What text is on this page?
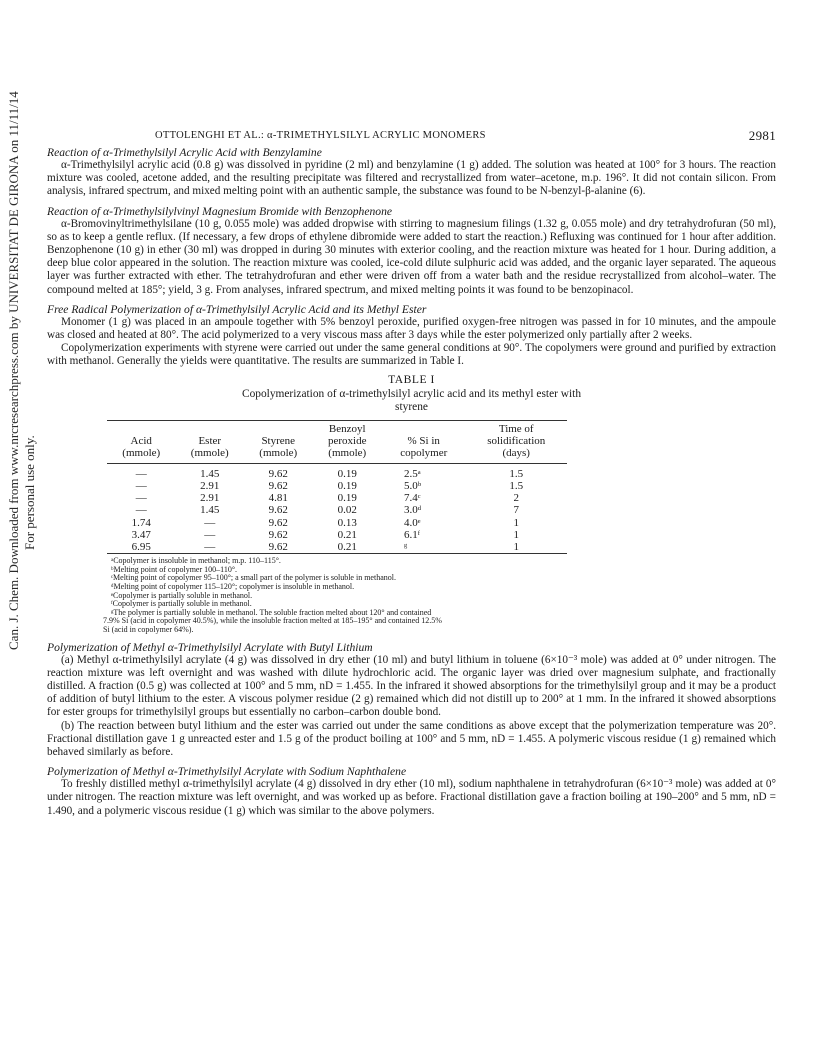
Can. J. Chem. Downloaded from www.nrcresearchpress.com by UNIVERSITAT DE GIRONA on 11/11/14 For personal use only.
OTTOLENGHI ET AL.: α-TRIMETHYLSILYL ACRYLIC MONOMERS	2981
Reaction of α-Trimethylsilyl Acrylic Acid with Benzylamine

α-Trimethylsilyl acrylic acid (0.8 g) was dissolved in pyridine (2 ml) and benzylamine (1 g) added. The solution was heated at 100° for 3 hours. The reaction mixture was cooled, acetone added, and the resulting precipitate was filtered and recrystallized from water–acetone, m.p. 196°. It did not contain silicon. From analysis, infrared spectrum, and mixed melting point with an authentic sample, the substance was found to be N-benzyl-β-alanine (6).

Reaction of α-Trimethylsilylvinyl Magnesium Bromide with Benzophenone

α-Bromovinyltrimethylsilane (10 g, 0.055 mole) was added dropwise with stirring to magnesium filings (1.32 g, 0.055 mole) and dry tetrahydrofuran (50 ml), so as to keep a gentle reflux. (If necessary, a few drops of ethylene dibromide were added to start the reaction.) Refluxing was continued for 1 hour after addition. Benzophenone (10 g) in ether (30 ml) was dropped in during 30 minutes with exterior cooling, and the reaction mixture was heated for 1 hour. During addition, a deep blue color appeared in the solution. The reaction mixture was cooled, ice-cold dilute sulphuric acid was added, and the organic layer separated. The aqueous layer was further extracted with ether. The tetrahydrofuran and ether were driven off from a water bath and the residue recrystallized from alcohol–water. The compound melted at 185°; yield, 3 g. From analyses, infrared spectrum, and mixed melting points it was found to be benzopinacol.

Free Radical Polymerization of α-Trimethylsilyl Acrylic Acid and its Methyl Ester

Monomer (1 g) was placed in an ampoule together with 5% benzoyl peroxide, purified oxygen-free nitrogen was passed in for 10 minutes, and the ampoule was closed and heated at 80°. The acid polymerized to a very viscous mass after 3 days while the ester polymerized only partially after 2 weeks.

Copolymerization experiments with styrene were carried out under the same general conditions at 90°. The copolymers were ground and purified by extraction with methanol. Generally the yields were quantitative. The results are summarized in Table I.

TABLE I
Copolymerization of α-trimethylsilyl acrylic acid and its methyl ester with styrene
Acid
(mmole)	Ester
(mmole)	Styrene
(mmole)	Benzoyl
peroxide
(mmole)	% Si in
copolymer	Time of
solidification
(days)
—	1.45	9.62	0.19	2.5ᵃ	1.5
—	2.91	9.62	0.19	5.0ᵇ	1.5
—	2.91	4.81	0.19	7.4ᶜ	2
—	1.45	9.62	0.02	3.0ᵈ	7
1.74	—	9.62	0.13	4.0ᵉ	1
3.47	—	9.62	0.21	6.1ᶠ	1
6.95	—	9.62	0.21	ᵍ	1
ᵃCopolymer is insoluble in methanol; m.p. 110–115°.
ᵇMelting point of copolymer 100–110°.
ᶜMelting point of copolymer 95–100°; a small part of the polymer is soluble in methanol.
ᵈMelting point of copolymer 115–120°; copolymer is insoluble in methanol.
ᵉCopolymer is partially soluble in methanol.
ᶠCopolymer is partially soluble in methanol.
ᵍThe polymer is partially soluble in methanol. The soluble fraction melted about 120° and contained
7.9% Si (acid in copolymer 40.5%), while the insoluble fraction melted at 185–195° and contained 12.5%
Si (acid in copolymer 64%).
Polymerization of Methyl α-Trimethylsilyl Acrylate with Butyl Lithium

(a) Methyl α-trimethylsilyl acrylate (4 g) was dissolved in dry ether (10 ml) and butyl lithium in toluene (6×10⁻³ mole) was added at 0° under nitrogen. The reaction mixture was left overnight and was washed with dilute hydrochloric acid. The organic layer was dried over magnesium sulphate, and fractionally distilled. A fraction (0.5 g) was collected at 100° and 5 mm, nD = 1.455. In the infrared it showed absorptions for the trimethylsilyl group and it may be a product of addition of butyl lithium to the ester. A viscous polymer residue (2 g) remained which did not distill up to 200° at 1 mm. In the infrared it showed absorptions for ester groups for trimethylsilyl groups but essentially no carbon–carbon double bond.

(b) The reaction between butyl lithium and the ester was carried out under the same conditions as above except that the polymerization temperature was 20°. Fractional distillation gave 1 g unreacted ester and 1.5 g of the product boiling at 100° and 5 mm, nD = 1.455. A polymeric viscous residue (1 g) remained which behaved similarly as before.

Polymerization of Methyl α-Trimethylsilyl Acrylate with Sodium Naphthalene

To freshly distilled methyl α-trimethylsilyl acrylate (4 g) dissolved in dry ether (10 ml), sodium naphthalene in tetrahydrofuran (6×10⁻³ mole) was added at 0° under nitrogen. The reaction mixture was left overnight, and was worked up as before. Fractional distillation gave a fraction boiling at 190–200° and 5 mm, nD = 1.490, and a polymeric viscous residue (1 g) which was similar to the above polymers.
